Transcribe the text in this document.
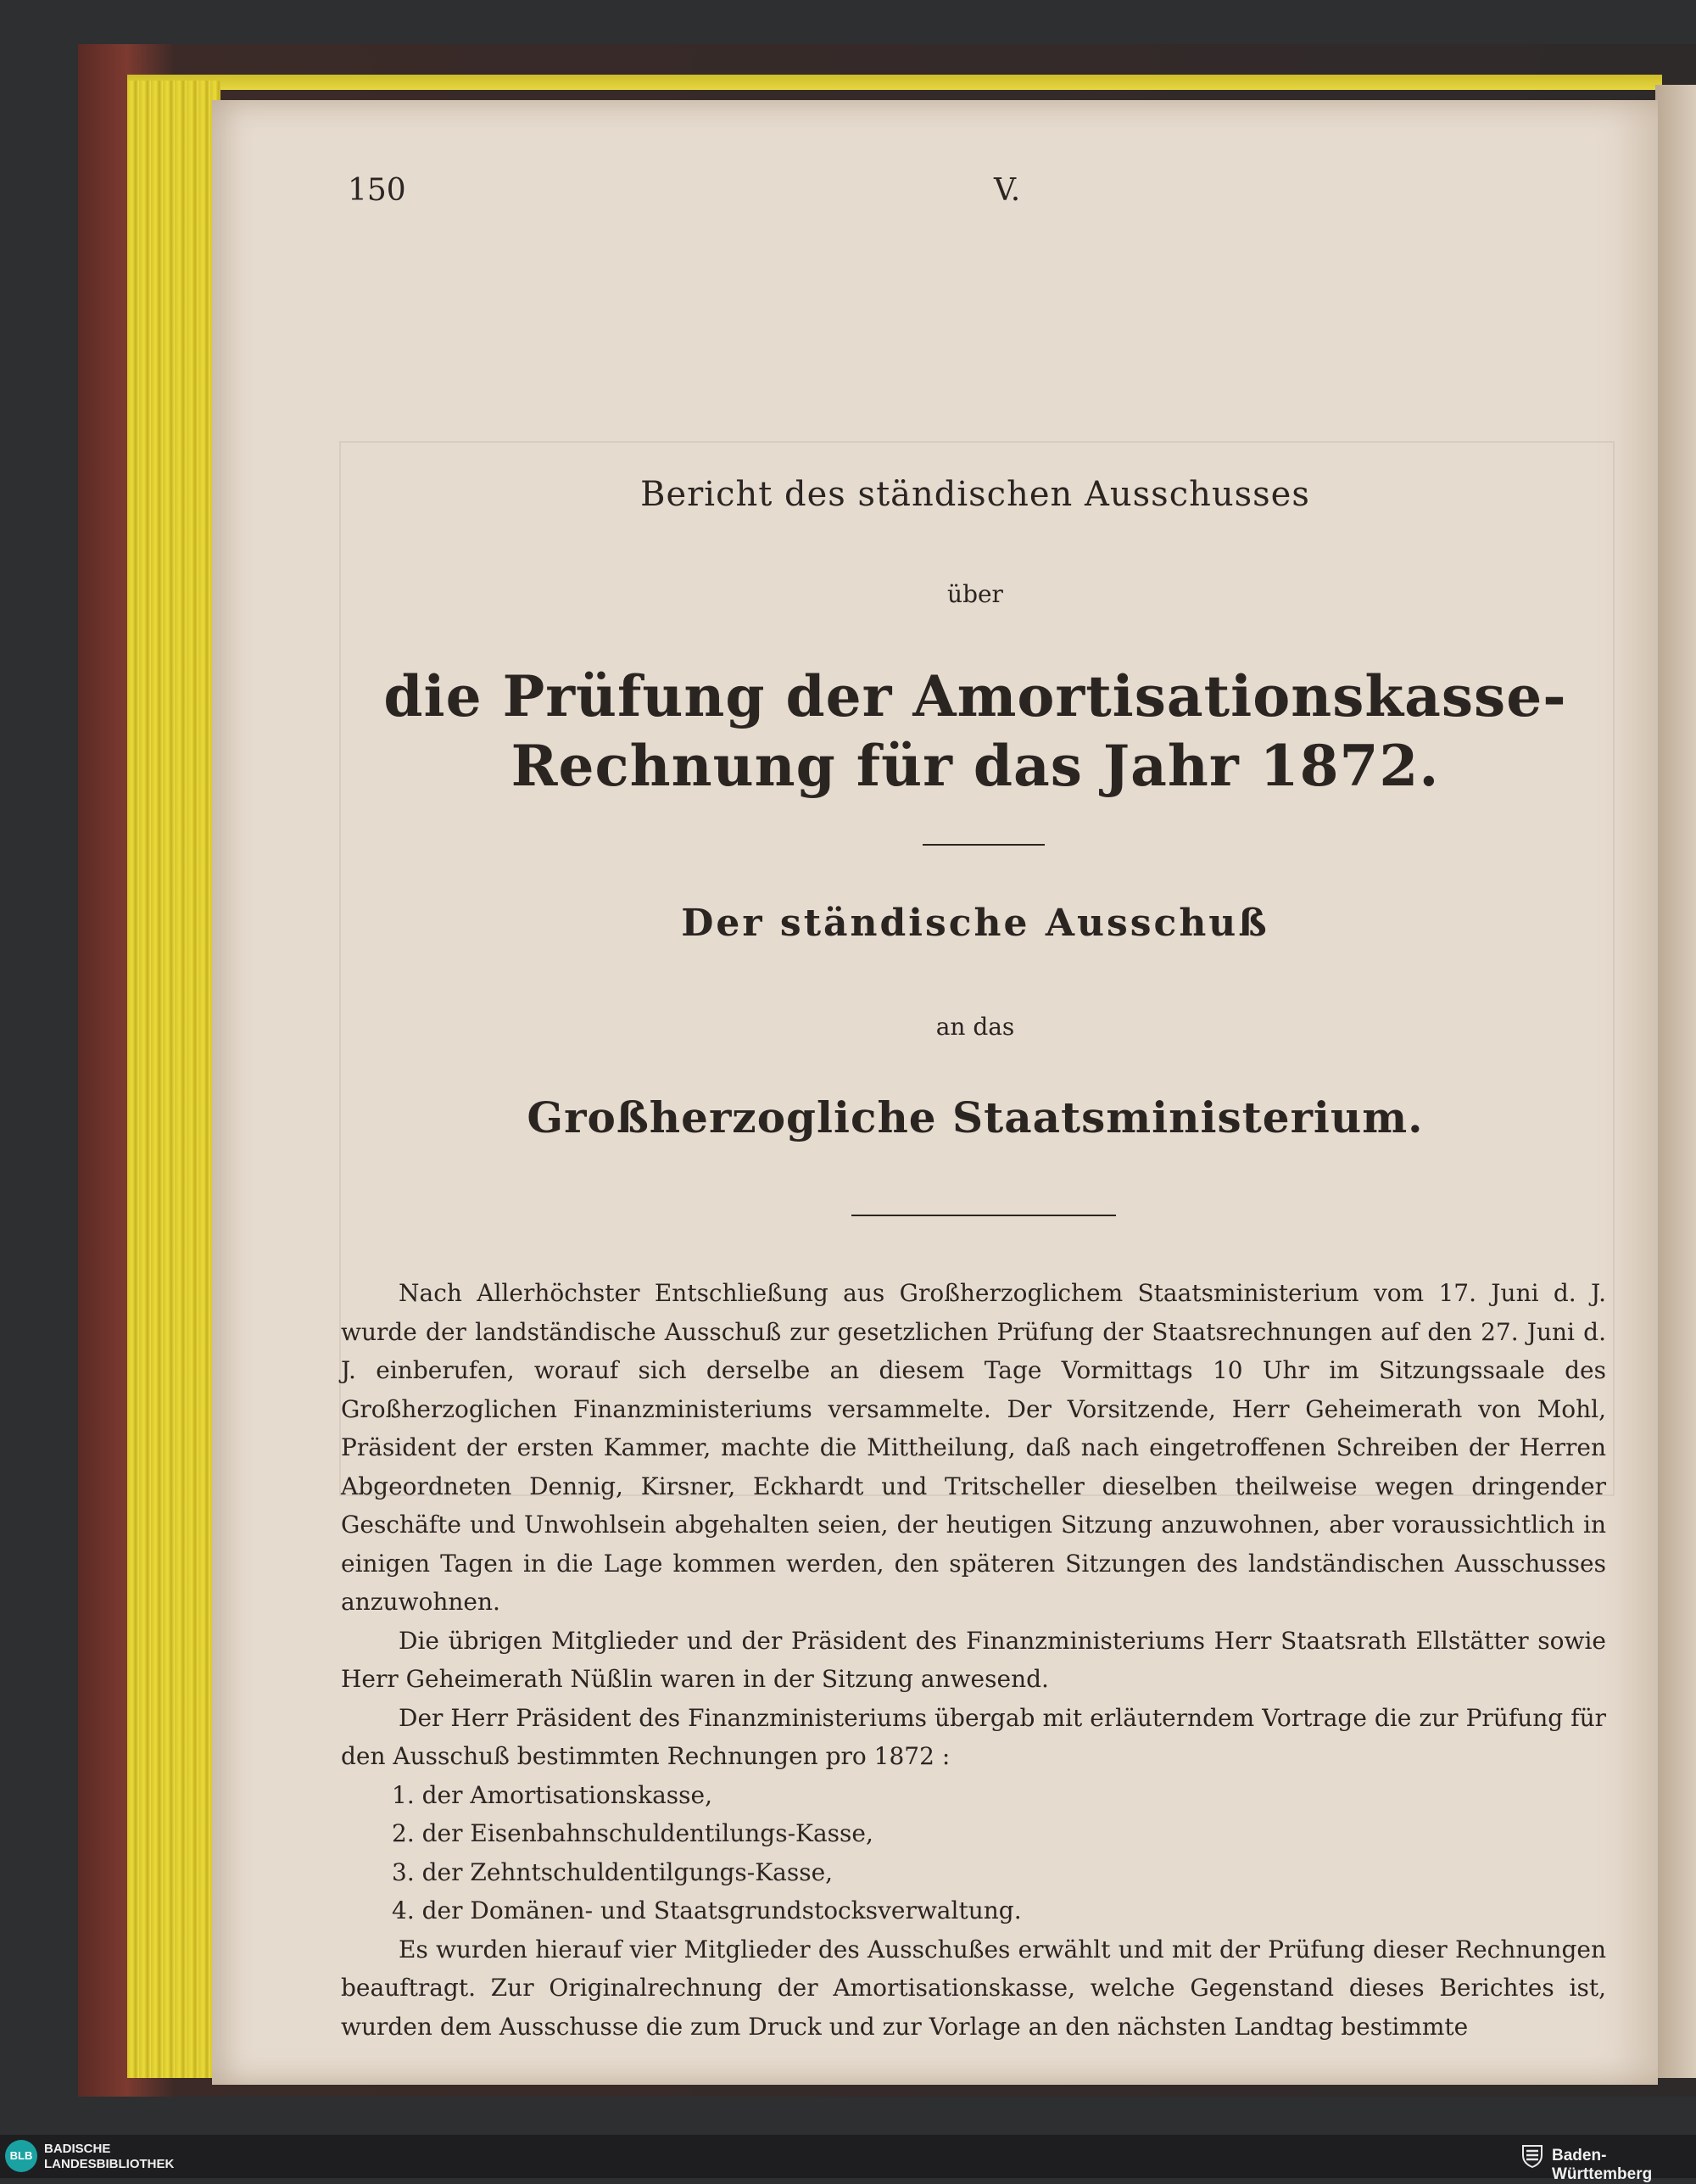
150	V.
Bericht des ständischen Ausschusses
über
die Prüfung der Amortisationskasse-Rechnung für das Jahr 1872.
Der ständische Ausschuß
an das
Großherzogliche Staatsministerium.

Nach Allerhöchster Entschließung aus Großherzoglichem Staatsministerium vom 17. Juni d. J. wurde der landständische Ausschuß zur gesetzlichen Prüfung der Staatsrechnungen auf den 27. Juni d. J. einberufen, worauf sich derselbe an diesem Tage Vormittags 10 Uhr im Sitzungssaale des Großherzoglichen Finanzministeriums versammelte. Der Vorsitzende, Herr Geheimerath von Mohl, Präsident der ersten Kammer, machte die Mittheilung, daß nach eingetroffenen Schreiben der Herren Abgeordneten Dennig, Kirsner, Eckhardt und Tritscheller dieselben theilweise wegen dringender Geschäfte und Unwohlsein abgehalten seien, der heutigen Sitzung anzuwohnen, aber voraussichtlich in einigen Tagen in die Lage kommen werden, den späteren Sitzungen des landständischen Ausschusses anzuwohnen.

Die übrigen Mitglieder und der Präsident des Finanzministeriums Herr Staatsrath Ellstätter sowie Herr Geheimerath Nüßlin waren in der Sitzung anwesend.

Der Herr Präsident des Finanzministeriums übergab mit erläuterndem Vortrage die zur Prüfung für den Ausschuß bestimmten Rechnungen pro 1872 :

1. der Amortisationskasse,
2. der Eisenbahnschuldentilungs-Kasse,
3. der Zehntschuldentilgungs-Kasse,
4. der Domänen- und Staatsgrundstocksverwaltung.

Es wurden hierauf vier Mitglieder des Ausschußes erwählt und mit der Prüfung dieser Rechnungen beauftragt. Zur Originalrechnung der Amortisationskasse, welche Gegenstand dieses Berichtes ist, wurden dem Ausschusse die zum Druck und zur Vorlage an den nächsten Landtag bestimmte

BLB BADISCHE
LANDESBIBLIOTHEK	Baden-Württemberg
